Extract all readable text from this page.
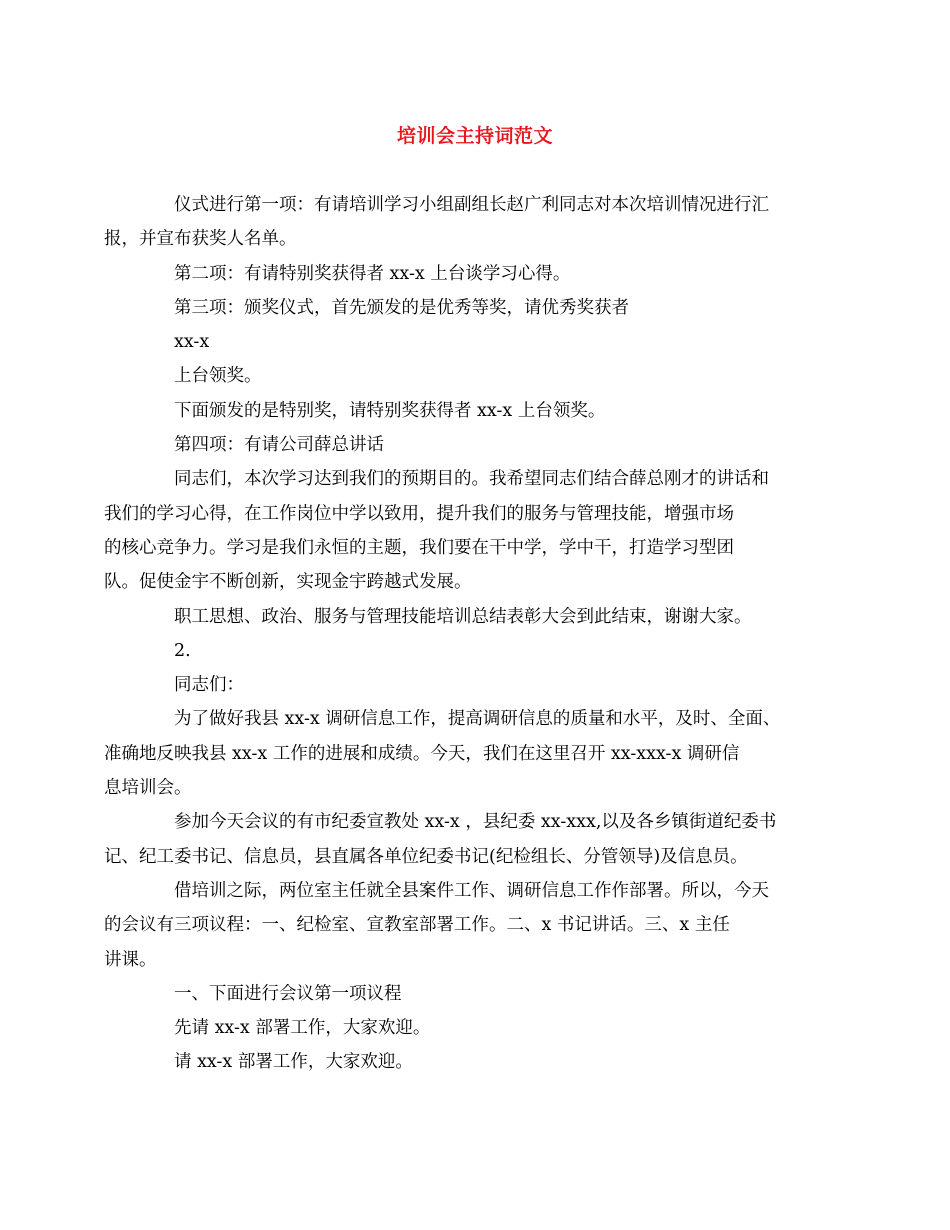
培训会主持词范文

仪式进行第一项：有请培训学习小组副组长赵广利同志对本次培训情况进行汇
报，并宣布获奖人名单。

第二项：有请特别奖获得者 xx-x 上台谈学习心得。

第三项：颁奖仪式，首先颁发的是优秀等奖，请优秀奖获者

xx-x

上台领奖。

下面颁发的是特别奖，请特别奖获得者 xx-x 上台领奖。

第四项：有请公司薛总讲话

同志们，本次学习达到我们的预期目的。我希望同志们结合薛总刚才的讲话和
我们的学习心得，在工作岗位中学以致用，提升我们的服务与管理技能，增强市场
的核心竞争力。学习是我们永恒的主题，我们要在干中学，学中干，打造学习型团
队。促使金宇不断创新，实现金宇跨越式发展。

职工思想、政治、服务与管理技能培训总结表彰大会到此结束，谢谢大家。

2.

同志们：

为了做好我县 xx-x 调研信息工作，提高调研信息的质量和水平，及时、全面、
准确地反映我县 xx-x 工作的进展和成绩。今天，我们在这里召开 xx-xxx-x 调研信
息培训会。

参加今天会议的有市纪委宣教处 xx-x ，县纪委 xx-xxx,以及各乡镇街道纪委书
记、纪工委书记、信息员，县直属各单位纪委书记(纪检组长、分管领导)及信息员。

借培训之际，两位室主任就全县案件工作、调研信息工作作部署。所以，今天
的会议有三项议程：一、纪检室、宣教室部署工作。二、x 书记讲话。三、x 主任
讲课。

一、下面进行会议第一项议程

先请 xx-x 部署工作，大家欢迎。

请 xx-x 部署工作，大家欢迎。
